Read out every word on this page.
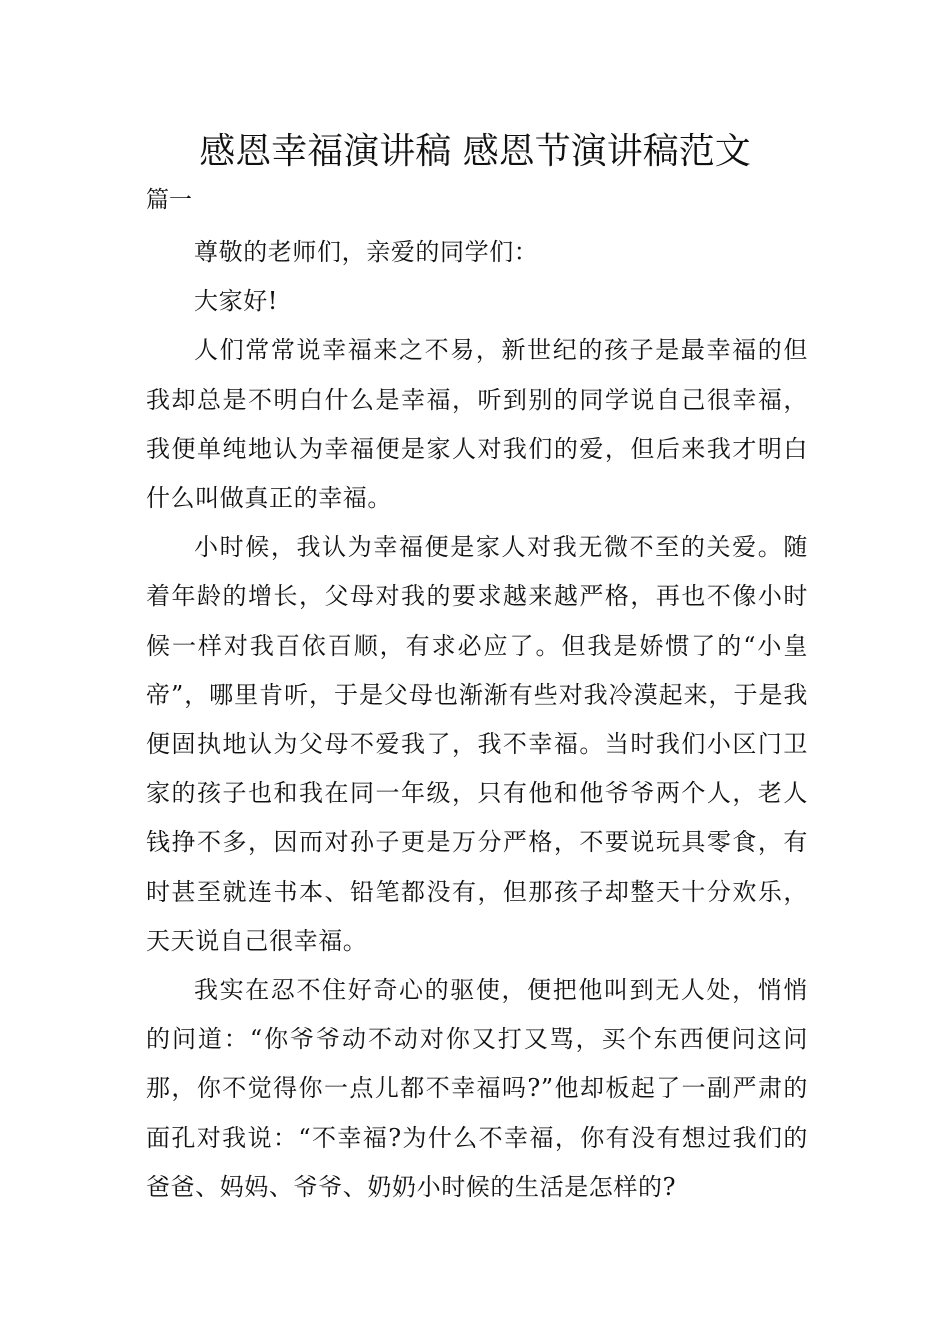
感恩幸福演讲稿 感恩节演讲稿范文

篇一

尊敬的老师们，亲爱的同学们：

大家好!

人们常常说幸福来之不易，新世纪的孩子是最幸福的但我却总是不明白什么是幸福，听到别的同学说自己很幸福，我便单纯地认为幸福便是家人对我们的爱，但后来我才明白什么叫做真正的幸福。

小时候，我认为幸福便是家人对我无微不至的关爱。随着年龄的增长，父母对我的要求越来越严格，再也不像小时候一样对我百依百顺，有求必应了。但我是娇惯了的“小皇帝”，哪里肯听，于是父母也渐渐有些对我冷漠起来，于是我便固执地认为父母不爱我了，我不幸福。当时我们小区门卫家的孩子也和我在同一年级，只有他和他爷爷两个人，老人钱挣不多，因而对孙子更是万分严格，不要说玩具零食，有时甚至就连书本、铅笔都没有，但那孩子却整天十分欢乐，天天说自己很幸福。

我实在忍不住好奇心的驱使，便把他叫到无人处，悄悄的问道：“你爷爷动不动对你又打又骂，买个东西便问这问那，你不觉得你一点儿都不幸福吗?”他却板起了一副严肃的面孔对我说：“不幸福?为什么不幸福，你有没有想过我们的爸爸、妈妈、爷爷、奶奶小时候的生活是怎样的?
